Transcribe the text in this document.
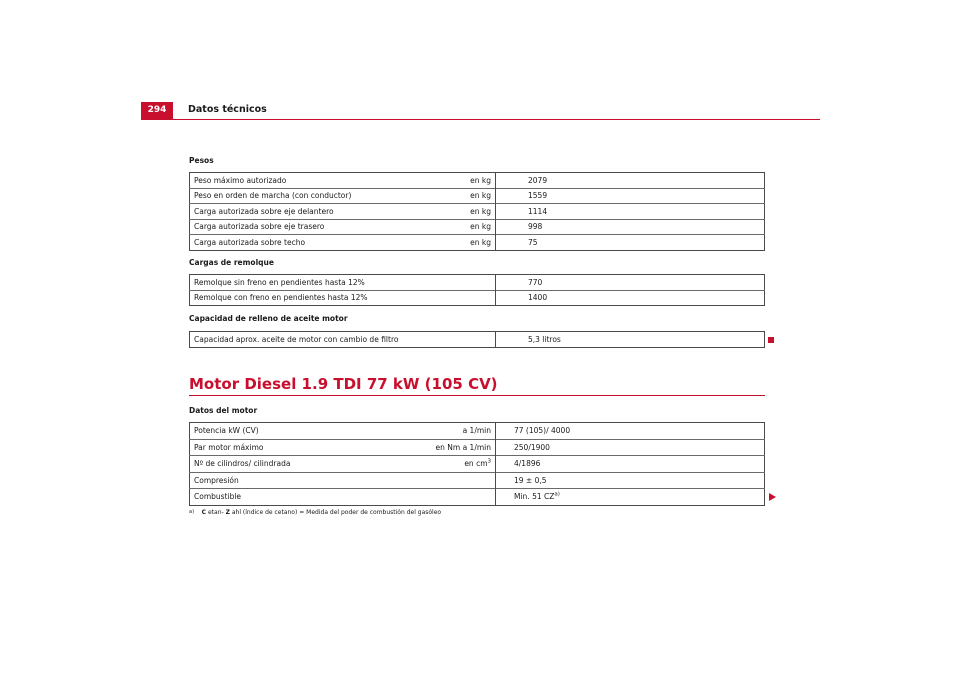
294	Datos técnicos
Pesos
Peso máximo autorizado	en kg	2079
Peso en orden de marcha (con conductor)	en kg	1559
Carga autorizada sobre eje delantero	en kg	1114
Carga autorizada sobre eje trasero	en kg	998
Carga autorizada sobre techo	en kg	75
Cargas de remolque
Remolque sin freno en pendientes hasta 12%		770
Remolque con freno en pendientes hasta 12%		1400
Capacidad de relleno de aceite motor
Capacidad aprox. aceite de motor con cambio de filtro		5,3 litros
Motor Diesel 1.9 TDI 77 kW (105 CV)
Datos del motor
Potencia kW (CV)	a 1/min	77 (105)/ 4000
Par motor máximo	en Nm a 1/min	250/1900
Nº de cilindros/ cilindrada	en $cm^3$	4/1896
Compresión		19 ± 0,5
Combustible		Min. 51 CZ$^{a)}$
$^{a)}$ C etan- Z ahl (índice de cetano) = Medida del poder de combustión del gasóleo
